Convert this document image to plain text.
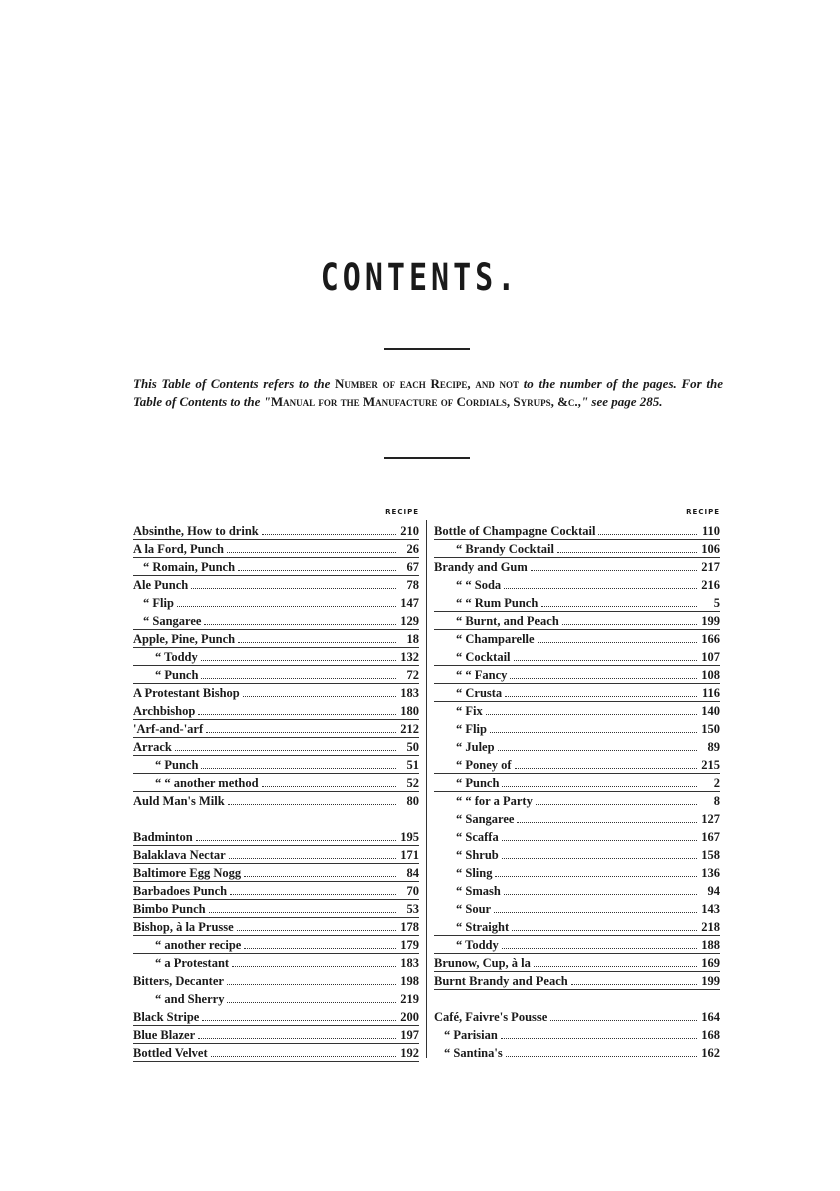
CONTENTS.
This Table of Contents refers to the Number of each Recipe, and not to the number of the pages. For the Table of Contents to the "Manual for the Manufacture of Cordials, Syrups, &c.," see page 285.
RECIPE
Absinthe, How to drink	210
A la Ford, Punch	26
“ Romain, Punch	67
Ale Punch	78
“ Flip	147
“ Sangaree	129
Apple, Pine, Punch	18
“ Toddy	132
“ Punch	72
A Protestant Bishop	183
Archbishop	180
'Arf-and-'arf	212
Arrack	50
“ Punch	51
“ “ another method	52
Auld Man's Milk	80
Badminton	195
Balaklava Nectar	171
Baltimore Egg Nogg	84
Barbadoes Punch	70
Bimbo Punch	53
Bishop, à la Prusse	178
“ another recipe	179
“ a Protestant	183
Bitters, Decanter	198
“ and Sherry	219
Black Stripe	200
Blue Blazer	197
Bottled Velvet	192
RECIPE
Bottle of Champagne Cocktail	110
“ Brandy Cocktail	106
Brandy and Gum	217
“ “ Soda	216
“ “ Rum Punch	5
“ Burnt, and Peach	199
“ Champarelle	166
“ Cocktail	107
“ “ Fancy	108
“ Crusta	116
“ Fix	140
“ Flip	150
“ Julep	89
“ Poney of	215
“ Punch	2
“ “ for a Party	8
“ Sangaree	127
“ Scaffa	167
“ Shrub	158
“ Sling	136
“ Smash	94
“ Sour	143
“ Straight	218
“ Toddy	188
Brunow, Cup, à la	169
Burnt Brandy and Peach	199
Café, Faivre's Pousse	164
“ Parisian	168
“ Santina's	162
